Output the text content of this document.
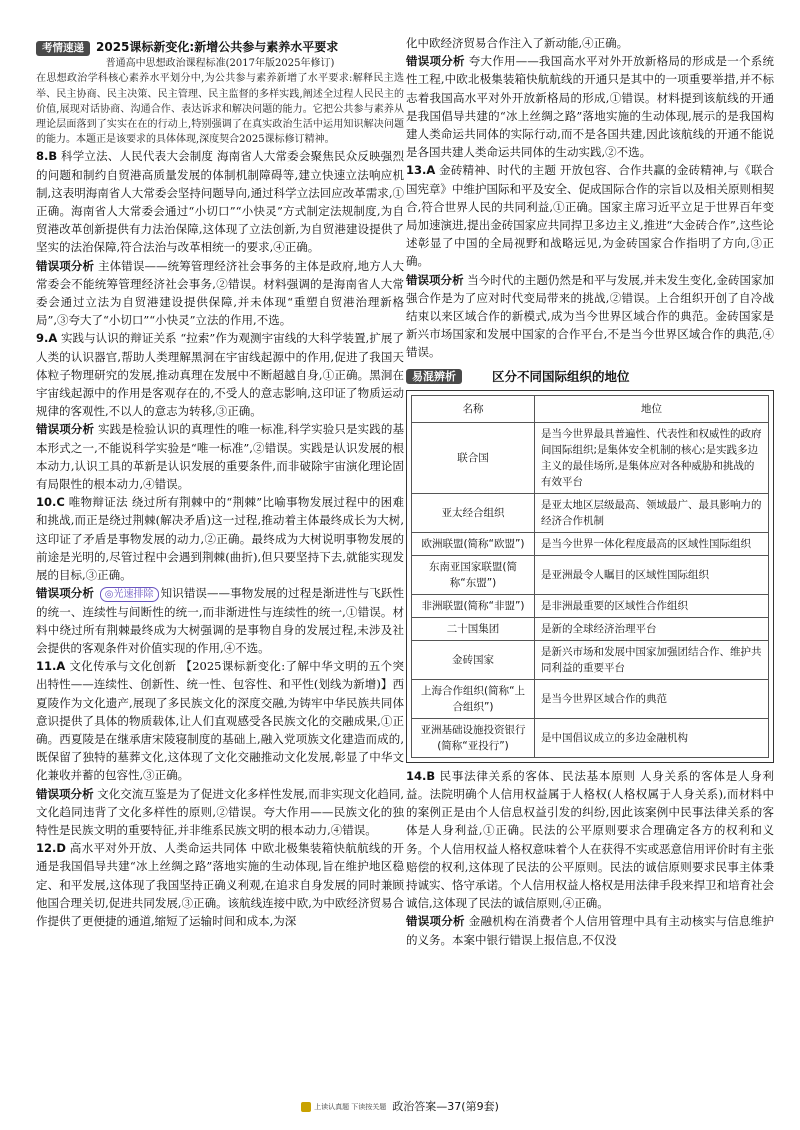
考情速递 2025课标新变化:新增公共参与素养水平要求

普通高中思想政治课程标准(2017年版2025年修订)
在思想政治学科核心素养水平划分中,为公共参与素养新增了水平要求:解释民主选举、民主协商、民主决策、民主管理、民主监督的多样实践,阐述全过程人民民主的价值,展现对话协商、沟通合作、表达诉求和解决问题的能力。它把公共参与素养从理论层面落到了实实在在的行动上,特别强调了在真实政治生活中运用知识解决问题的能力。本题正是该要求的具体体现,深度契合2025课标修订精神。

8.B 科学立法、人民代表大会制度 海南省人大常委会聚焦民众反映强烈的问题和制约自贸港高质量发展的体制机制障碍等,建立快速立法响应机制,这表明海南省人大常委会坚持问题导向,通过科学立法回应改革需求,①正确。海南省人大常委会通过“小切口”“小快灵”方式制定法规制度,为自贸港改革创新提供有力法治保障,这体现了立法创新,为自贸港建设提供了坚实的法治保障,符合法治与改革相统一的要求,④正确。

错误项分析 主体错误——统筹管理经济社会事务的主体是政府,地方人大常委会不能统筹管理经济社会事务,②错误。材料强调的是海南省人大常委会通过立法为自贸港建设提供保障,并未体现“重塑自贸港治理新格局”,③夸大了“小切口”“小快灵”立法的作用,不选。

9.A 实践与认识的辩证关系 “拉索”作为观测宇宙线的大科学装置,扩展了人类的认识器官,帮助人类理解黑洞在宇宙线起源中的作用,促进了我国天体粒子物理研究的发展,推动真理在发展中不断超越自身,①正确。黑洞在宇宙线起源中的作用是客观存在的,不受人的意志影响,这印证了物质运动规律的客观性,不以人的意志为转移,③正确。

错误项分析 实践是检验认识的真理性的唯一标准,科学实验只是实践的基本形式之一,不能说科学实验是“唯一标准”,②错误。实践是认识发展的根本动力,认识工具的革新是认识发展的重要条件,而非破除宇宙演化理论固有局限性的根本动力,④错误。

10.C 唯物辩证法 绕过所有荆棘中的“荆棘”比喻事物发展过程中的困难和挑战,而正是绕过荆棘(解决矛盾)这一过程,推动着主体最终成长为大树,这印证了矛盾是事物发展的动力,②正确。最终成为大树说明事物发展的前途是光明的,尽管过程中会遇到荆棘(曲折),但只要坚持下去,就能实现发展的目标,③正确。

错误项分析 ◎光速排除 知识错误——事物发展的过程是渐进性与飞跃性的统一、连续性与间断性的统一,而非渐进性与连续性的统一,①错误。材料中绕过所有荆棘最终成为大树强调的是事物自身的发展过程,未涉及社会提供的客观条件对价值实现的作用,④不选。

11.A 文化传承与文化创新 【2025课标新变化:了解中华文明的五个突出特性——连续性、创新性、统一性、包容性、和平性(划线为新增)】西夏陵作为文化遗产,展现了多民族文化的深度交融,为铸牢中华民族共同体意识提供了具体的物质载体,让人们直观感受各民族文化的交融成果,①正确。西夏陵是在继承唐宋陵寝制度的基础上,融入党项族文化建造而成的,既保留了独特的墓葬文化,这体现了文化交融推动文化发展,彰显了中华文化兼收并蓄的包容性,③正确。

错误项分析 文化交流互鉴是为了促进文化多样性发展,而非实现文化趋同,文化趋同违背了文化多样性的原则,②错误。夸大作用——民族文化的独特性是民族文明的重要特征,并非维系民族文明的根本动力,④错误。

12.D 高水平对外开放、人类命运共同体 中欧北极集装箱快航航线的开通是我国倡导共建“冰上丝绸之路”落地实施的生动体现,旨在维护地区稳定、和平发展,这体现了我国坚持正确义利观,在追求自身发展的同时兼顾他国合理关切,促进共同发展,③正确。该航线连接中欧,为中欧经济贸易合作提供了更便捷的通道,缩短了运输时间和成本,为深

化中欧经济贸易合作注入了新动能,④正确。

错误项分析 夸大作用——我国高水平对外开放新格局的形成是一个系统性工程,中欧北极集装箱快航航线的开通只是其中的一项重要举措,并不标志着我国高水平对外开放新格局的形成,①错误。材料提到该航线的开通是我国倡导共建的“冰上丝绸之路”落地实施的生动体现,展示的是我国构建人类命运共同体的实际行动,而不是各国共建,因此该航线的开通不能说是各国共建人类命运共同体的生动实践,②不选。

13.A 金砖精神、时代的主题 开放包容、合作共赢的金砖精神,与《联合国宪章》中维护国际和平及安全、促成国际合作的宗旨以及相关原则相契合,符合世界人民的共同利益,①正确。国家主席习近平立足于世界百年变局加速演进,提出金砖国家应共同捍卫多边主义,推进“大金砖合作”,这些论述彰显了中国的全局视野和战略远见,为金砖国家合作指明了方向,③正确。

错误项分析 当今时代的主题仍然是和平与发展,并未发生变化,金砖国家加强合作是为了应对时代变局带来的挑战,②错误。上合组织开创了自冷战结束以来区域合作的新模式,成为当今世界区域合作的典范。金砖国家是新兴市场国家和发展中国家的合作平台,不是当今世界区域合作的典范,④错误。

易混辨析	区分不同国际组织的地位
名称	地位
联合国	是当今世界最具普遍性、代表性和权威性的政府间国际组织;是集体安全机制的核心;是实践多边主义的最佳场所,是集体应对各种威胁和挑战的有效平台
亚太经合组织	是亚太地区层级最高、领域最广、最具影响力的经济合作机制
欧洲联盟(简称“欧盟”)	是当今世界一体化程度最高的区域性国际组织
东南亚国家联盟(简称“东盟”)	是亚洲最令人瞩目的区域性国际组织
非洲联盟(简称“非盟”)	是非洲最重要的区域性合作组织
二十国集团	是新的全球经济治理平台
金砖国家	是新兴市场和发展中国家加强团结合作、维护共同利益的重要平台
上海合作组织(简称“上合组织”)	是当今世界区域合作的典范
亚洲基础设施投资银行(简称“亚投行”)	是中国倡议成立的多边金融机构

14.B 民事法律关系的客体、民法基本原则 人身关系的客体是人身利益。法院明确个人信用权益属于人格权(人格权属于人身关系),而材料中的案例正是由个人信息权益引发的纠纷,因此该案例中民事法律关系的客体是人身利益,①正确。民法的公平原则要求合理确定各方的权利和义务。个人信用权益人格权意味着个人在获得不实或恶意信用评价时有主张赔偿的权利,这体现了民法的公平原则。民法的诚信原则要求民事主体秉持诚实、恪守承诺。个人信用权益人格权是用法律手段来捍卫和培育社会诚信,这体现了民法的诚信原则,④正确。

错误项分析 金融机构在消费者个人信用管理中具有主动核实与信息维护的义务。本案中银行错误上报信息,不仅没

上读认真题 下读按关题 政治答案—37(第9套)
